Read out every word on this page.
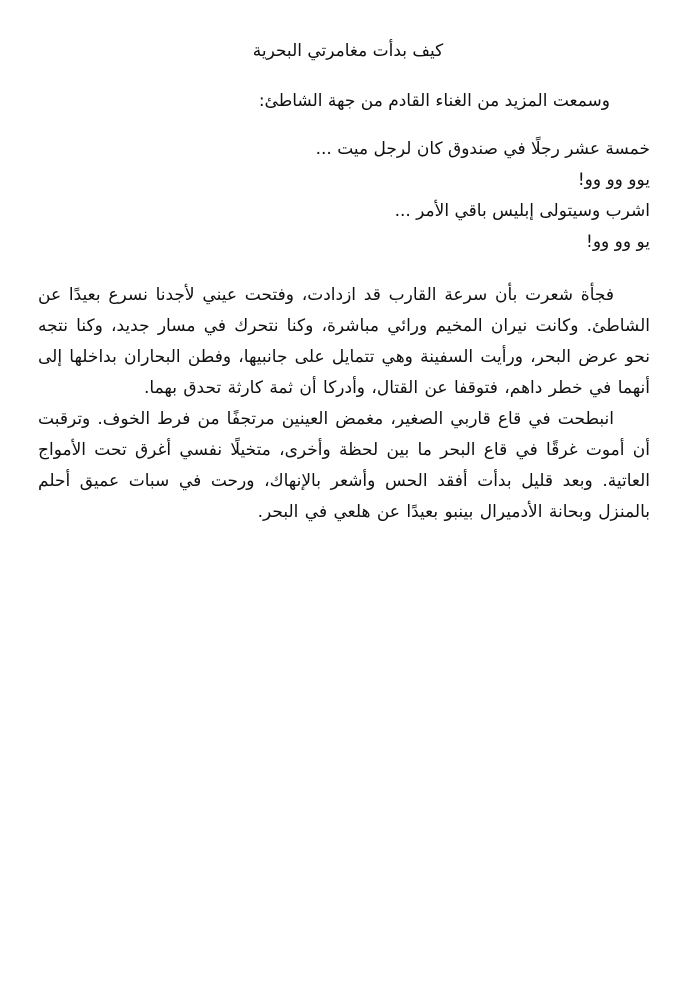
كيف بدأت مغامرتي البحرية

وسمعت المزيد من الغناء القادم من جهة الشاطئ:

خمسة عشر رجلًا في صندوق كان لرجل ميت ...
يوو وو وو!
اشرب وسيتولى إبليس باقي الأمر ...
يو وو وو!

فجأة شعرت بأن سرعة القارب قد ازدادت، وفتحت عيني لأجدنا نسرع بعيدًا عن الشاطئ. وكانت نيران المخيم ورائي مباشرة، وكنا نتحرك في مسار جديد، وكنا نتجه نحو عرض البحر، ورأيت السفينة وهي تتمايل على جانبيها، وفطن البحاران بداخلها إلى أنهما في خطر داهم، فتوقفا عن القتال، وأدركا أن ثمة كارثة تحدق بهما.

انبطحت في قاع قاربي الصغير، مغمض العينين مرتجفًا من فرط الخوف. وترقبت أن أموت غرقًا في قاع البحر ما بين لحظة وأخرى، متخيلًا نفسي أغرق تحت الأمواج العاتية. وبعد قليل بدأت أفقد الحس وأشعر بالإنهاك، ورحت في سبات عميق أحلم بالمنزل وبحانة الأدميرال بينبو بعيدًا عن هلعي في البحر.
